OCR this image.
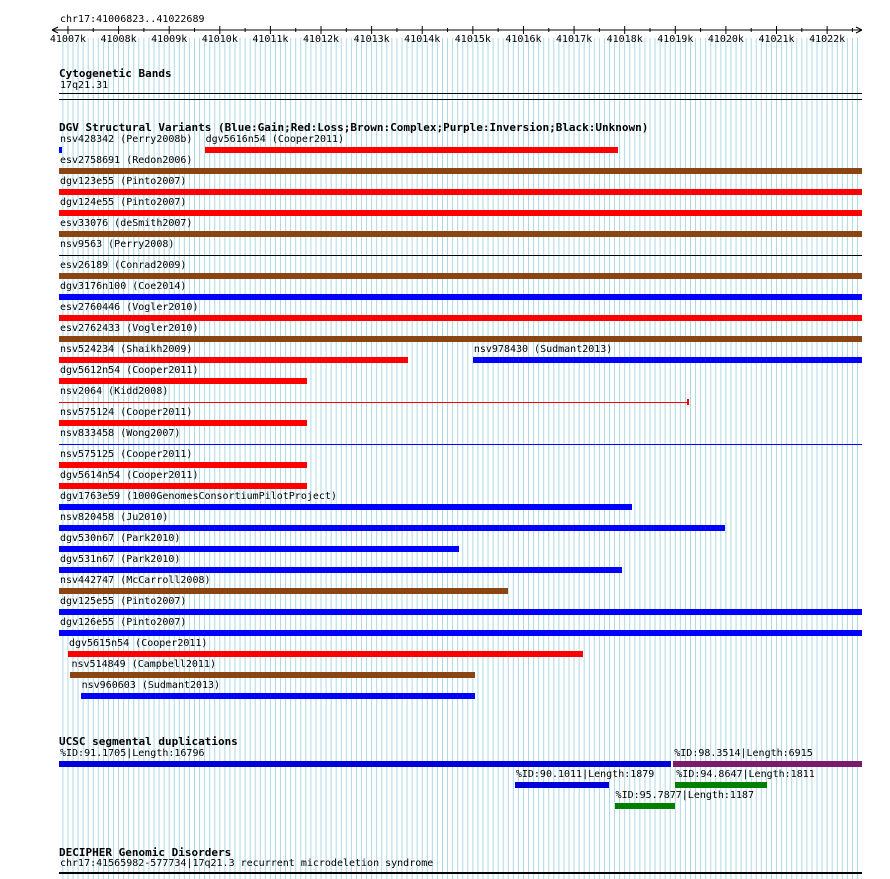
chr17:41006823..41022689
41007k 41008k 41009k 41010k 41011k 41012k 41013k 41014k 41015k 41016k 41017k 41018k 41019k 41020k 41021k 41022k
Cytogenetic Bands
17q21.31
DGV Structural Variants (Blue:Gain;Red:Loss;Brown:Complex;Purple:Inversion;Black:Unknown)
nsv428342 (Perry2008b) dgv5616n54 (Cooper2011)
esv2758691 (Redon2006)
dgv123e55 (Pinto2007)
dgv124e55 (Pinto2007)
esv33076 (deSmith2007)
nsv9563 (Perry2008)
esv26189 (Conrad2009)
dgv3176n100 (Coe2014)
esv2760446 (Vogler2010)
esv2762433 (Vogler2010)
nsv524234 (Shaikh2009)	nsv978430 (Sudmant2013)
dgv5612n54 (Cooper2011)
nsv2064 (Kidd2008)
nsv575124 (Cooper2011)
nsv833458 (Wong2007)
nsv575125 (Cooper2011)
dgv5614n54 (Cooper2011)
dgv1763e59 (1000GenomesConsortiumPilotProject)
nsv820458 (Ju2010)
dgv530n67 (Park2010)
dgv531n67 (Park2010)
nsv442747 (McCarroll2008)
dgv125e55 (Pinto2007)
dgv126e55 (Pinto2007)
dgv5615n54 (Cooper2011)
nsv514849 (Campbell2011)
nsv960603 (Sudmant2013)
UCSC segmental duplications
%ID:91.1705|Length:16796	%ID:98.3514|Length:6915
%ID:90.1011|Length:1879 %ID:94.8647|Length:1811
%ID:95.7877|Length:1187
DECIPHER Genomic Disorders
chr17:41565982-577734|17q21.3 recurrent microdeletion syndrome
